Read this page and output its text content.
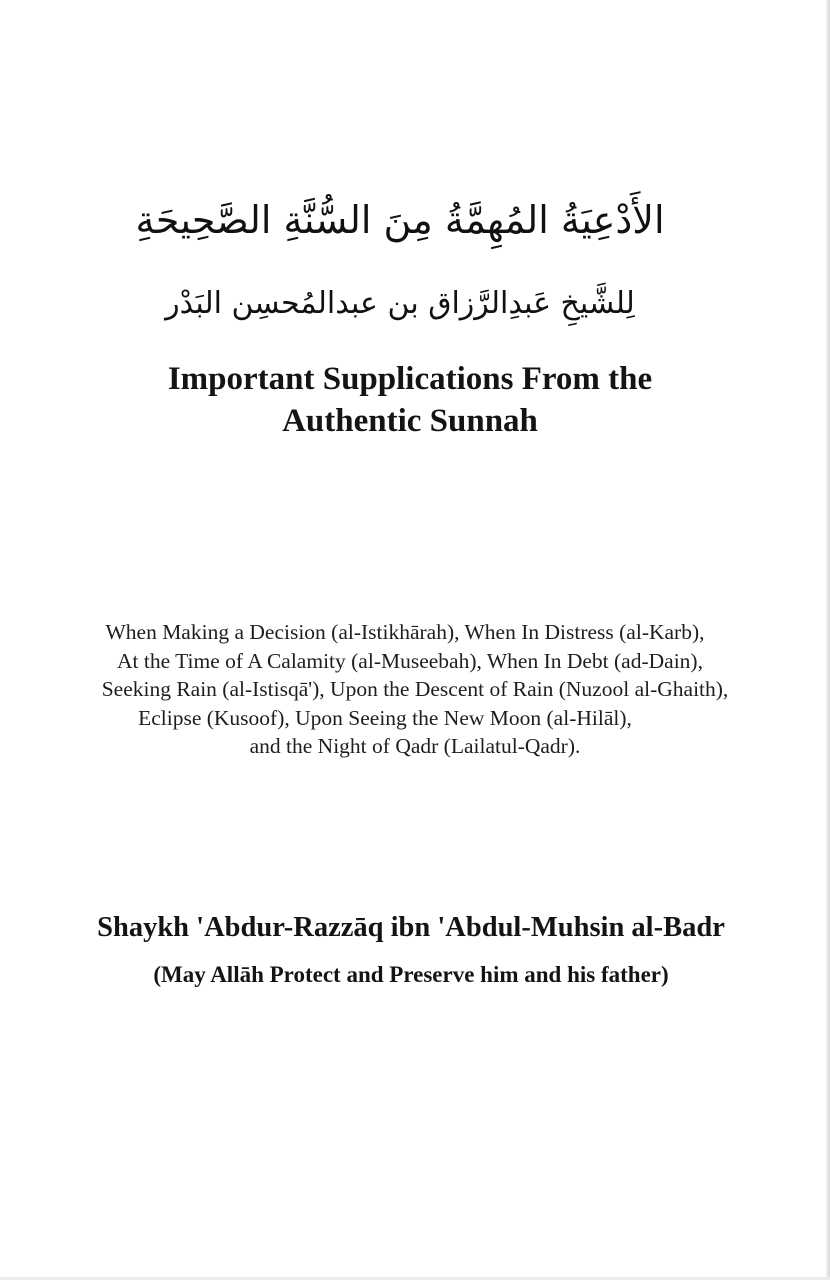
الأَدْعِيَةُ المُهِمَّةُ مِنَ السُّنَّةِ الصَّحِيحَةِ
لِلشَّيخِ عَبدِالرَّزاق بن عبدالمُحسِن البَدْر
Important Supplications From the
Authentic Sunnah
When Making a Decision (al-Istikhārah), When In Distress (al-Karb),
At the Time of A Calamity (al-Museebah), When In Debt (ad-Dain),
Seeking Rain (al-Istisqā'), Upon the Descent of Rain (Nuzool al-Ghaith),
Eclipse (Kusoof), Upon Seeing the New Moon (al-Hilāl),
and the Night of Qadr (Lailatul-Qadr).
Shaykh 'Abdur-Razzāq ibn 'Abdul-Muhsin al-Badr
(May Allāh Protect and Preserve him and his father)
